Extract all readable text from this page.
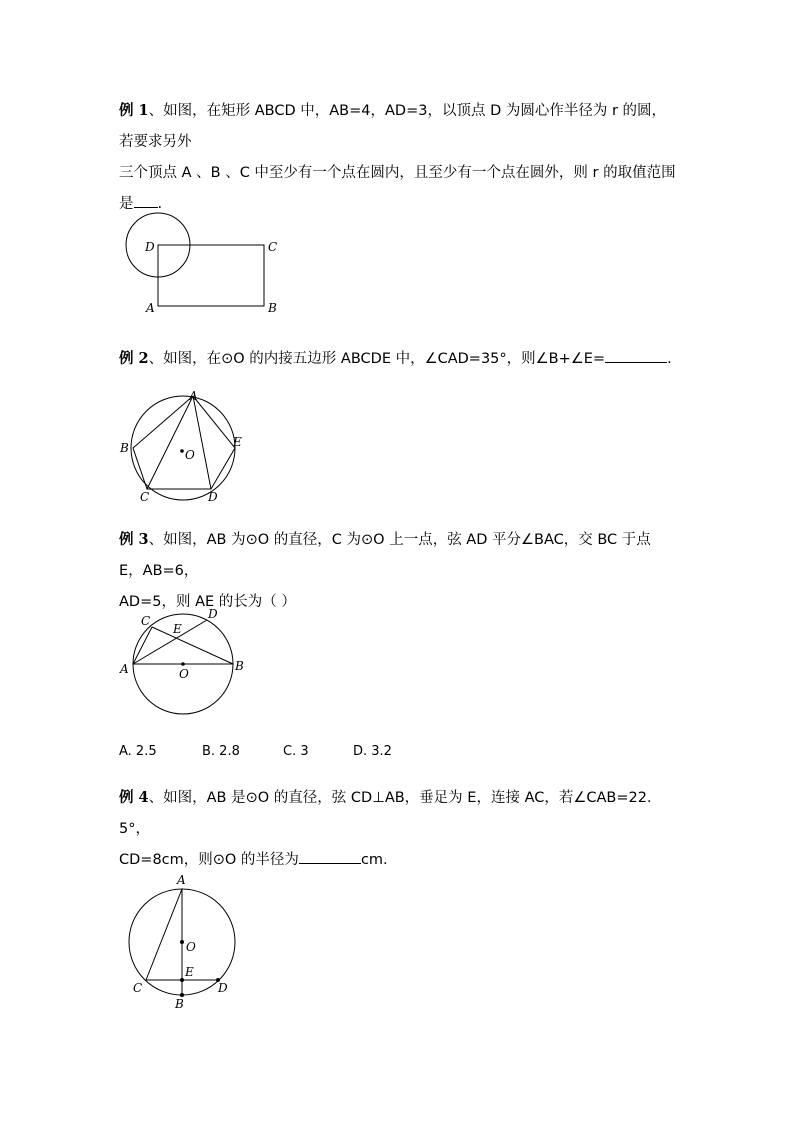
例 1、如图，在矩形 ABCD 中，AB=4，AD=3，以顶点 D 为圆心作半径为 r 的圆，若要求另外
三个顶点 A 、B 、C 中至少有一个点在圆内，且至少有一个点在圆外，则 r 的取值范围
是 .
D	C
A	B
例 2、如图，在⊙O 的内接五边形 ABCDE 中，∠CAD=35°，则∠B+∠E=	.
A
B	E
O
C	D
例 3、如图，AB 为⊙O 的直径，C 为⊙O 上一点，弦 AD 平分∠BAC，交 BC 于点 E，AB=6，
AD=5，则 AE 的长为（ ）
C
E
D
A	B
O
A. 2.5	B. 2.8	C. 3	D. 3.2
例 4、如图，AB 是⊙O 的直径，弦 CD⊥AB，垂足为 E，连接 AC，若∠CAB=22．5°，
CD=8cm，则⊙O 的半径为	cm.
A
O
E
C	D
B
